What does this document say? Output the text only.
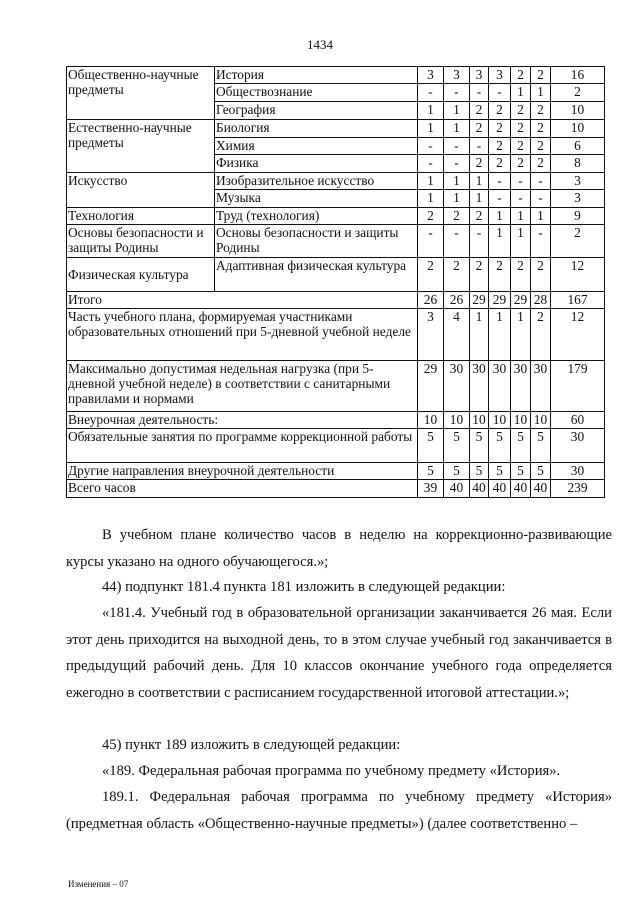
1434
Общественно-научные предметы	История	3	3	3	3	2	2	16
	Обществознание	-	-	-	-	1	1	2
	География	1	1	2	2	2	2	10
Естественно-научные предметы	Биология	1	1	2	2	2	2	10
	Химия	-	-	-	2	2	2	6
	Физика	-	-	2	2	2	2	8
Искусство	Изобразительное искусство	1	1	1	-	-	-	3
	Музыка	1	1	1	-	-	-	3
Технология	Труд (технология)	2	2	2	1	1	1	9
Основы безопасности и защиты Родины	Основы безопасности и защиты Родины	-	-	-	1	1	-	2
Физическая культура	Адаптивная физическая культура	2	2	2	2	2	2	12
Итого		26	26	29	29	29	28	167
Часть учебного плана, формируемая участниками образовательных отношений при 5-дневной учебной неделе		3	4	1	1	1	2	12
Максимально допустимая недельная нагрузка (при 5-дневной учебной неделе) в соответствии с санитарными правилами и нормами		29	30	30	30	30	30	179
Внеурочная деятельность:		10	10	10	10	10	10	60
Обязательные занятия по программе коррекционной работы		5	5	5	5	5	5	30
Другие направления внеурочной деятельности		5	5	5	5	5	5	30
Всего часов		39	40	40	40	40	40	239

В учебном плане количество часов в неделю на коррекционно-развивающие курсы указано на одного обучающегося.»;

44) подпункт 181.4 пункта 181 изложить в следующей редакции:

«181.4. Учебный год в образовательной организации заканчивается 26 мая. Если этот день приходится на выходной день, то в этом случае учебный год заканчивается в предыдущий рабочий день. Для 10 классов окончание учебного года определяется ежегодно в соответствии с расписанием государственной итоговой аттестации.»;

45) пункт 189 изложить в следующей редакции:

«189. Федеральная рабочая программа по учебному предмету «История».

189.1. Федеральная рабочая программа по учебному предмету «История» (предметная область «Общественно-научные предметы») (далее соответственно –

Изменения – 07
